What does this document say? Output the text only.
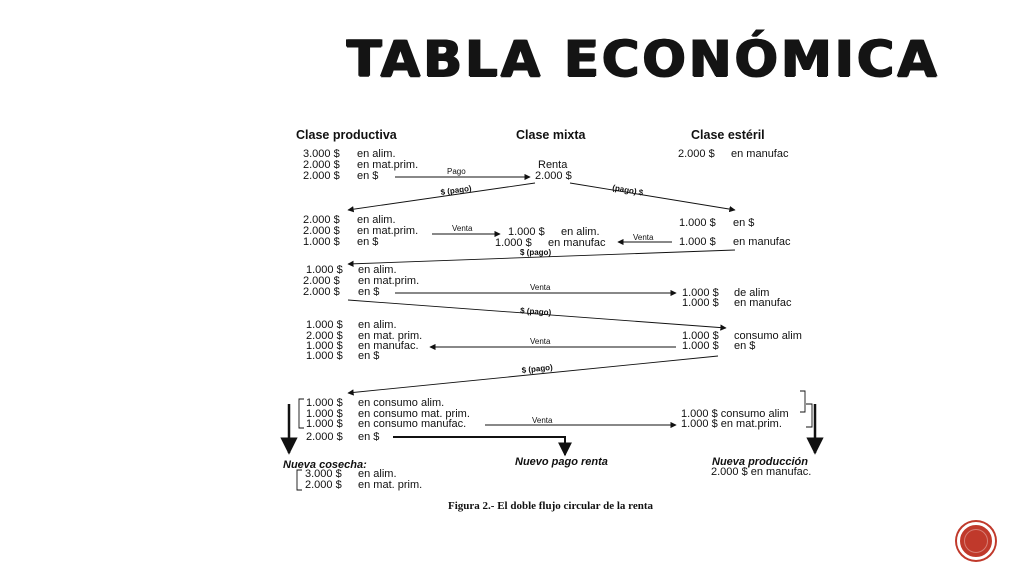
TABLA ECONÓMICA
Clase productiva	Clase mixta	Clase estéril
3.000 $ en alim.
2.000 $ en mat.prim.
2.000 $ en $
Renta
2.000 $
2.000 $ en manufac
Pago
$ (pago)	(pago) $
2.000 $ en alim.
2.000 $ en mat.prim.
1.000 $ en $
1.000 $ en alim.
1.000 $ en manufac
1.000 $ en $
1.000 $ en manufac
Venta
Venta
$ (pago)
1.000 $ en alim.
2.000 $ en mat.prim.
2.000 $ en $	1.000 $ de alim
1.000 $ en manufac
Venta
$ (pago)
1.000 $ en alim.
2.000 $ en mat. prim.
1.000 $ en manufac.
1.000 $ en $
1.000 $ consumo alim
1.000 $ en $
Venta
$ (pago)
1.000 $ en consumo alim.
1.000 $ en consumo mat. prim.
1.000 $ en consumo manufac.
2.000 $ en $
1.000 $ consumo alim
1.000 $ en mat.prim.
Venta
Nueva cosecha:
3.000 $ en alim.
2.000 $ en mat. prim.
Nuevo pago renta	Nueva producción
2.000 $ en manufac.
Figura 2.- El doble flujo circular de la renta
